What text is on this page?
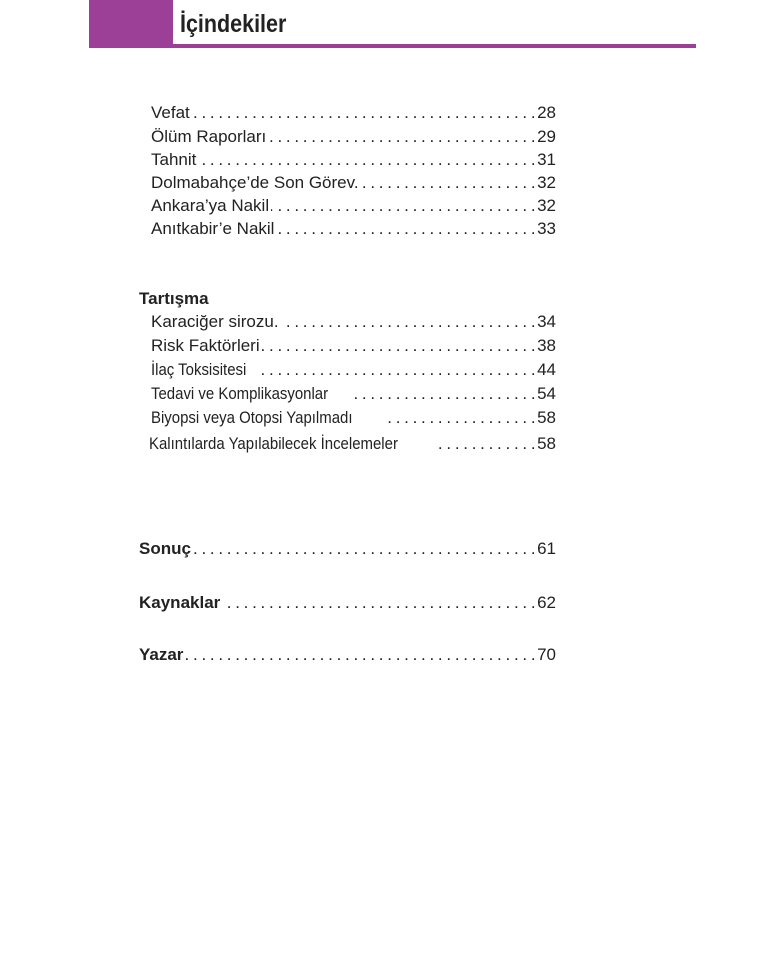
İçindekiler
Vefat . . .	28
Ölüm Raporları . . .	29
Tahnit . . .	31
Dolmabahçe’de Son Görev. . . .	32
Ankara’ya Nakil . . .	32
Anıtkabir’e Nakil . . .	33
Tartışma
Karaciğer sirozu. . . .	34
Risk Faktörleri . . .	38
İlaç Toksisitesi . . .	44
Tedavi ve Komplikasyonlar . . .	54
Biyopsi veya Otopsi Yapılmadı . . .	58
Kalıntılarda Yapılabilecek İncelemeler . . .	58
Sonuç . . .	61
Kaynaklar . . .	62
Yazar . . .	70
